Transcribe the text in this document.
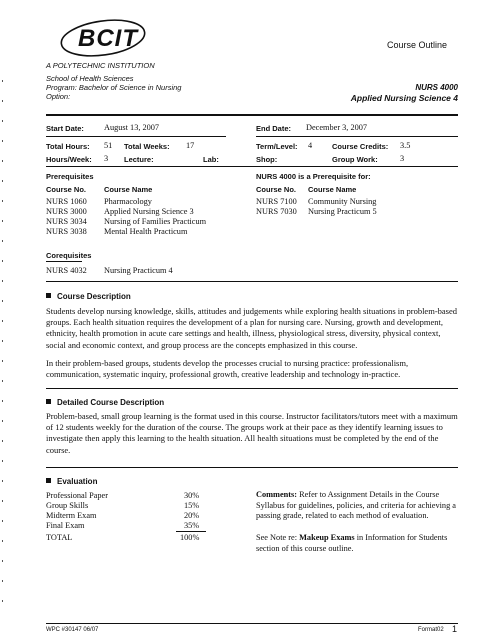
BCIT
A POLYTECHNIC INSTITUTION
Course Outline
School of Health Sciences
Program: Bachelor of Science in Nursing
Option:
NURS 4000
Applied Nursing Science 4
Start Date: August 13, 2007	End Date: December 3, 2007
Total Hours: 51 Total Weeks: 17	Term/Level: 4	Course Credits: 3.5
Hours/Week: 3 Lecture:	Lab:	Shop:	Group Work:	3
Prerequisites
Course No. Course Name
NURS 1060 Pharmacology
NURS 3000 Applied Nursing Science 3
NURS 3034 Nursing of Families Practicum
NURS 3038 Mental Health Practicum
NURS 4000 is a Prerequisite for:
Course No. Course Name
NURS 7100 Community Nursing
NURS 7030 Nursing Practicum 5
Corequisites
NURS 4032 Nursing Practicum 4
Course Description
Students develop nursing knowledge, skills, attitudes and judgements while exploring health situations in problem-based groups. Each health situation requires the development of a plan for nursing care. Nursing, growth and development, ethnicity, health promotion in acute care settings and health, illness, physiological stress, diversity, physical context, social and economic context, and group process are the concepts emphasized in this course.
In their problem-based groups, students develop the processes crucial to nursing practice: professionalism, communication, systematic inquiry, professional growth, creative leadership and technology in-practice.
Detailed Course Description
Problem-based, small group learning is the format used in this course. Instructor facilitators/tutors meet with a maximum of 12 students weekly for the duration of the course. The groups work at their pace as they identify learning issues to investigate then apply this learning to the health situation. All health situations must be completed by the end of the course.
Evaluation
Professional Paper	30%
Group Skills	15%
Midterm Exam	20%
Final Exam	35%
TOTAL	100%
Comments: Refer to Assignment Details in the Course Syllabus for guidelines, policies, and criteria for achieving a passing grade, related to each method of evaluation.
See Note re: Makeup Exams in Information for Students section of this course outline.
WPC #30147 06/07	Format02 1
